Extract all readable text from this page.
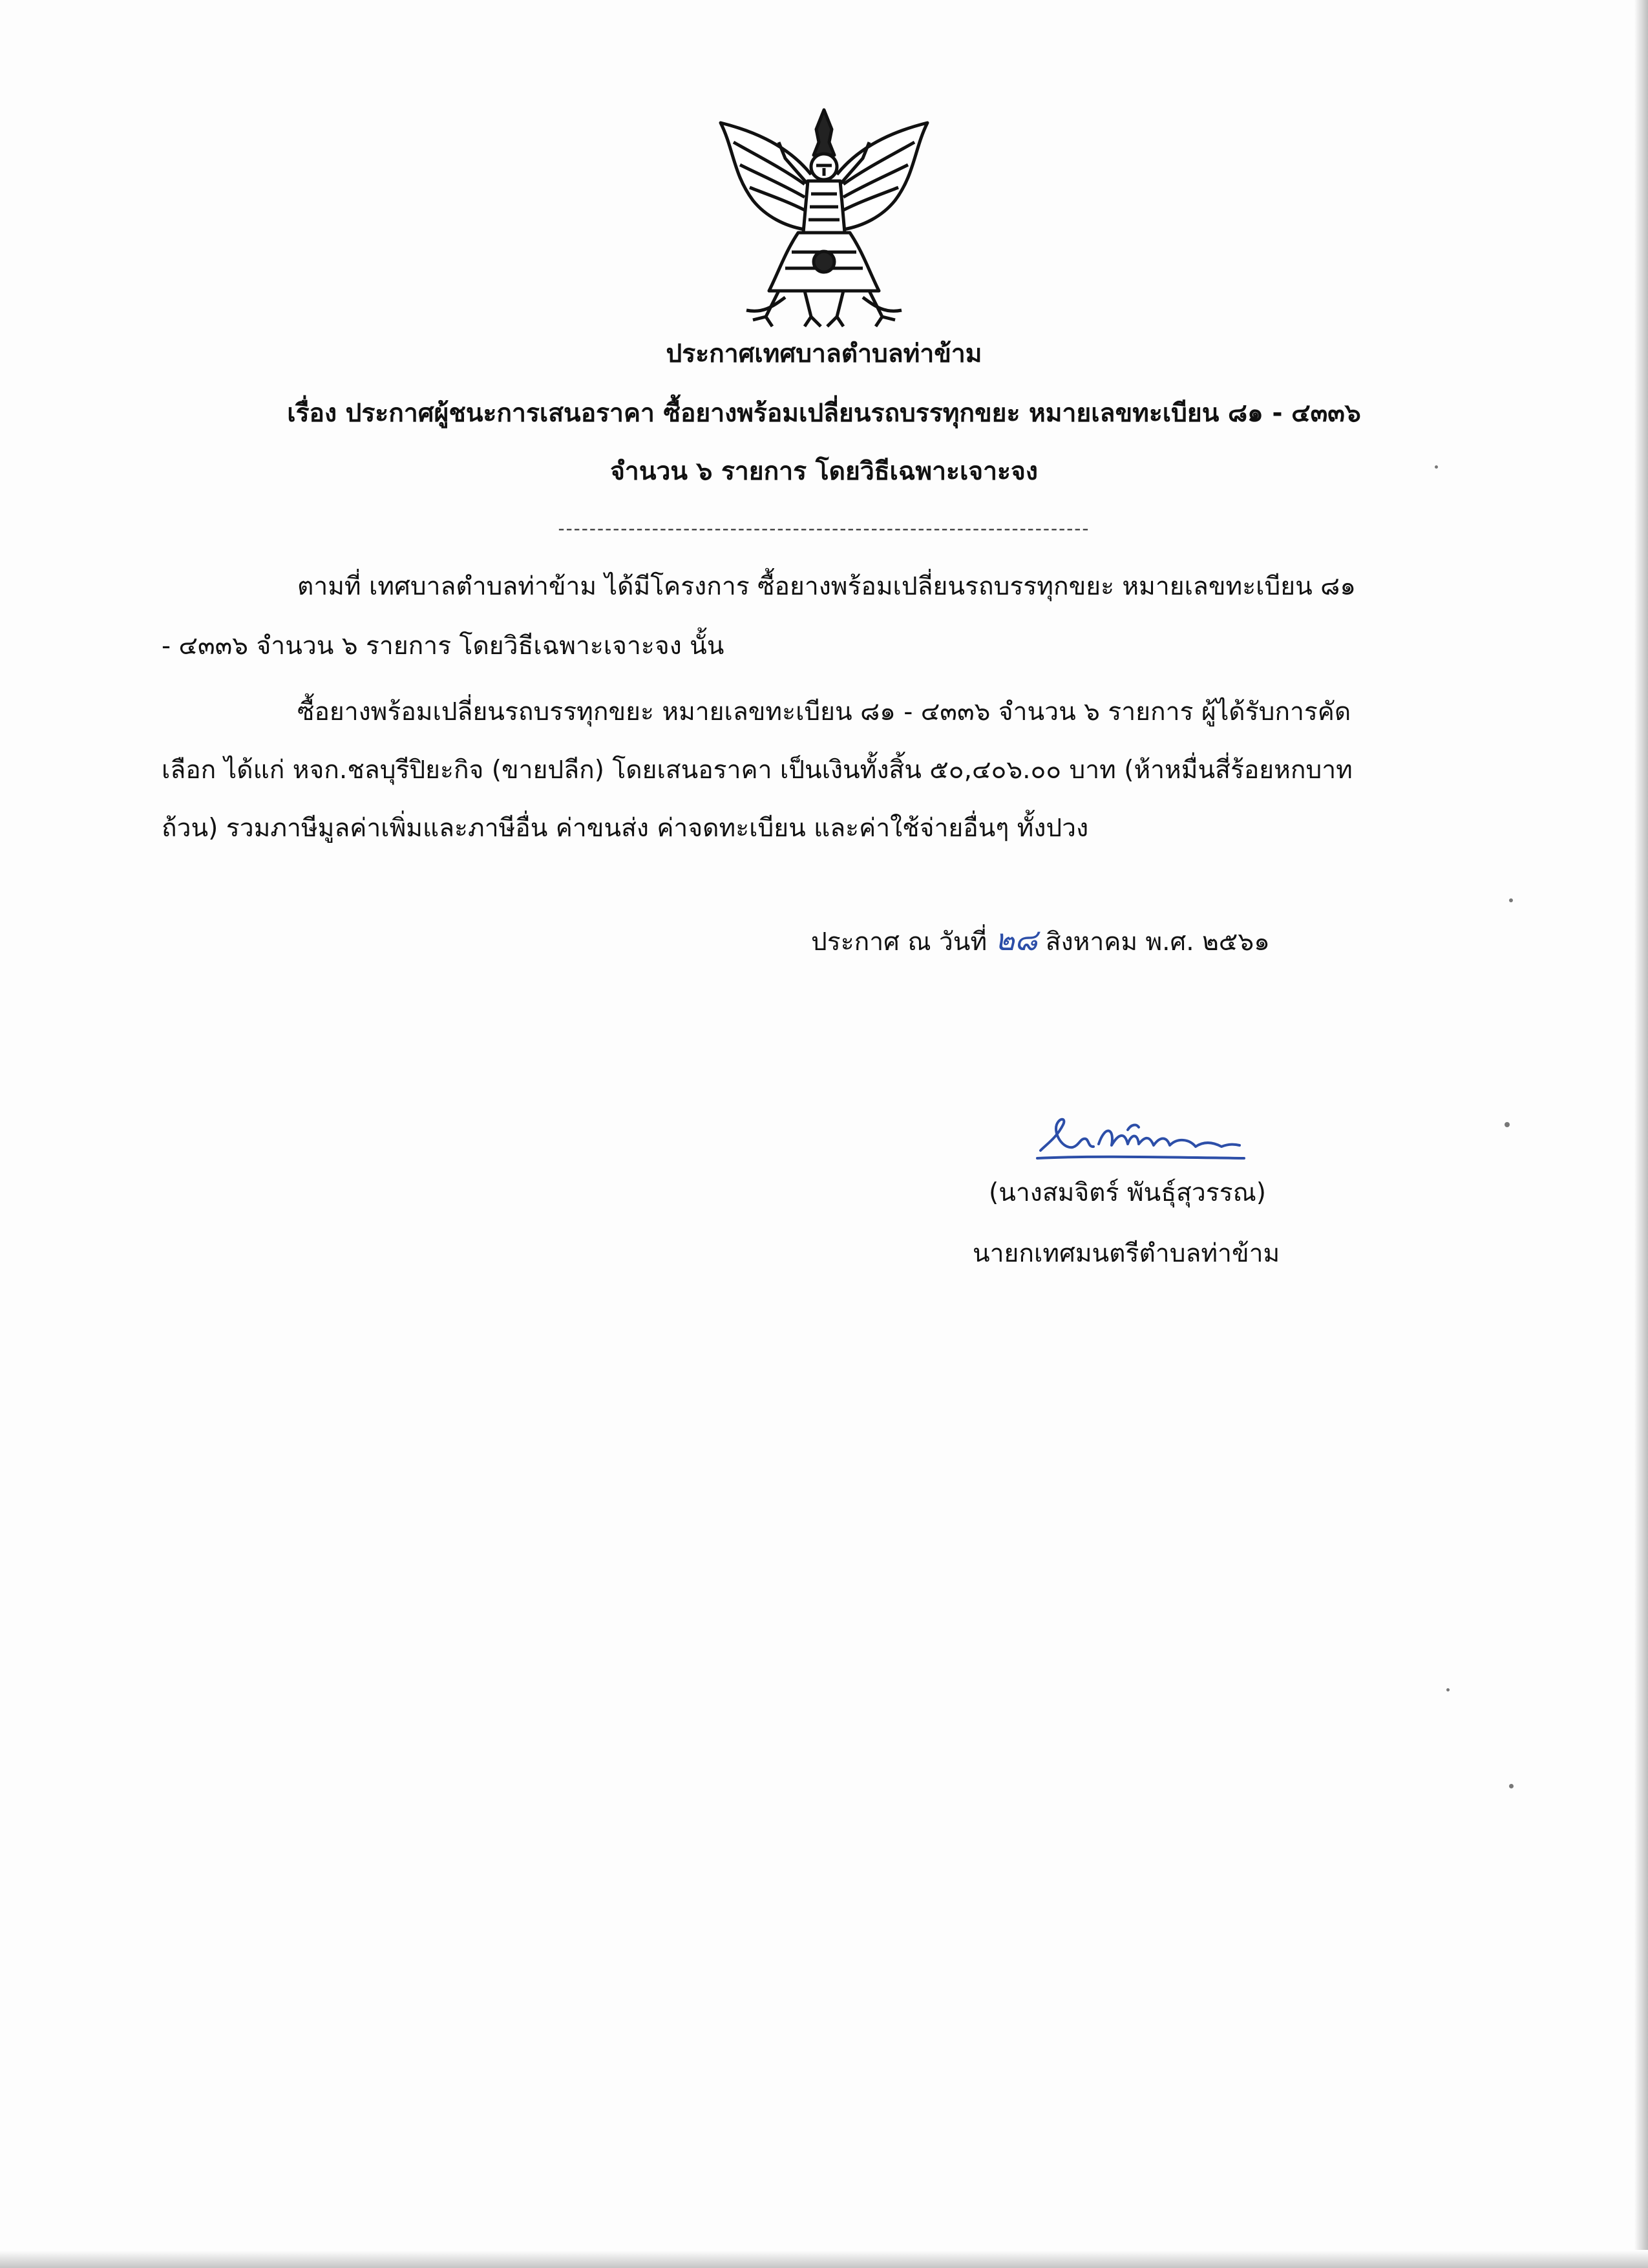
ประกาศเทศบาลตำบลท่าข้าม
เรื่อง ประกาศผู้ชนะการเสนอราคา ซื้อยางพร้อมเปลี่ยนรถบรรทุกขยะ หมายเลขทะเบียน ๘๑ - ๔๓๓๖
จำนวน ๖ รายการ โดยวิธีเฉพาะเจาะจง
--------------------------------------------------------------------
ตามที่ เทศบาลตำบลท่าข้าม ได้มีโครงการ ซื้อยางพร้อมเปลี่ยนรถบรรทุกขยะ หมายเลขทะเบียน ๘๑
- ๔๓๓๖ จำนวน ๖ รายการ โดยวิธีเฉพาะเจาะจง นั้น
ซื้อยางพร้อมเปลี่ยนรถบรรทุกขยะ หมายเลขทะเบียน ๘๑ - ๔๓๓๖ จำนวน ๖ รายการ ผู้ได้รับการคัด
เลือก ได้แก่ หจก.ชลบุรีปิยะกิจ (ขายปลีก) โดยเสนอราคา เป็นเงินทั้งสิ้น ๕๐,๔๐๖.๐๐ บาท (ห้าหมื่นสี่ร้อยหกบาท
ถ้วน) รวมภาษีมูลค่าเพิ่มและภาษีอื่น ค่าขนส่ง ค่าจดทะเบียน และค่าใช้จ่ายอื่นๆ ทั้งปวง
ประกาศ ณ วันที่ ๒๘ สิงหาคม พ.ศ. ๒๕๖๑
(นางสมจิตร์ พันธุ์สุวรรณ)
นายกเทศมนตรีตำบลท่าข้าม
